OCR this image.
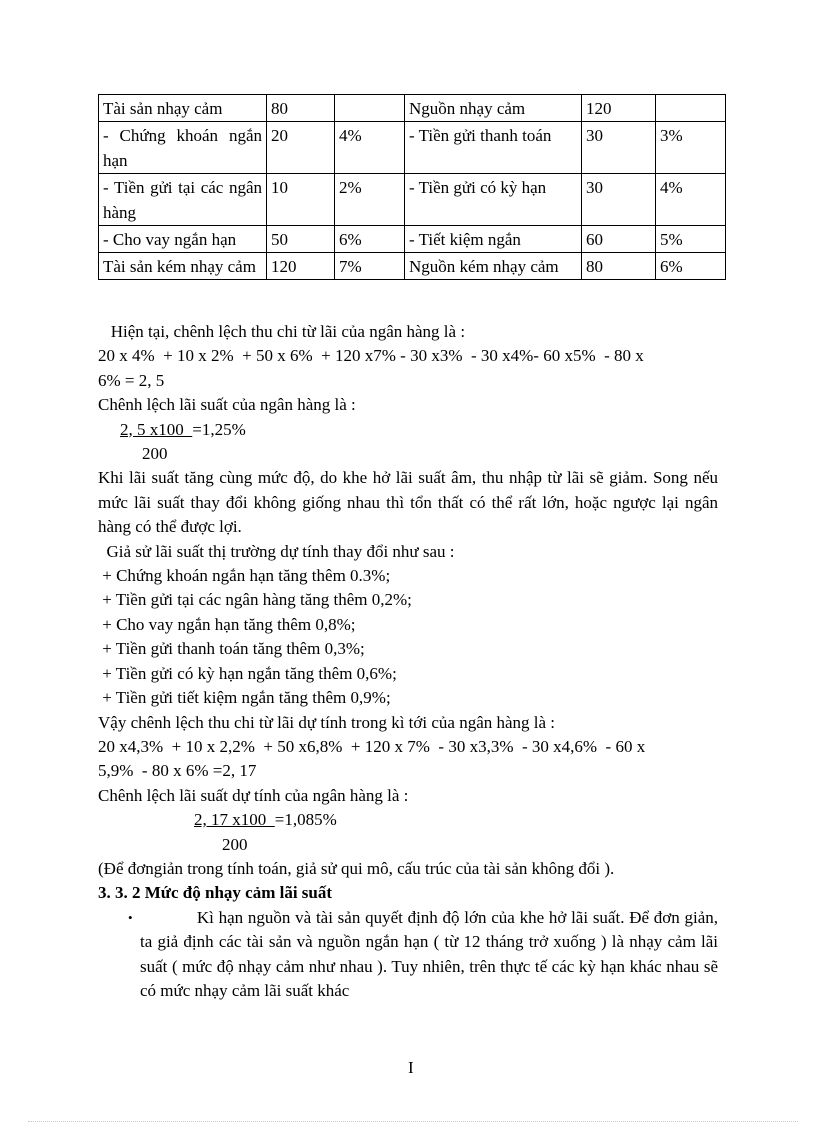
Tài sản nhạy cảm	80		Nguồn nhạy cảm	120	
- Chứng khoán ngắn hạn	20	4%	- Tiền gửi thanh toán	30	3%
- Tiền gửi tại các ngân hàng	10	2%	- Tiền gửi có kỳ hạn	30	4%
- Cho vay ngắn hạn	50	6%	- Tiết kiệm ngắn	60	5%
Tài sản kém nhạy cảm	120	7%	Nguồn kém nhạy cảm	80	6%
Hiện tại, chênh lệch thu chi từ lãi của ngân hàng là :
20 x 4%  + 10 x 2%  + 50 x 6%  + 120 x7% - 30 x3%  - 30 x4%- 60 x5%  - 80 x
6% = 2, 5
Chênh lệch lãi suất của ngân hàng là :
2, 5 x100  =1,25%
200
Khi lãi suất tăng cùng mức độ, do khe hở lãi suất âm, thu nhập từ lãi sẽ giảm. Song nếu mức lãi suất thay đổi không giống nhau thì tổn thất có thể rất lớn, hoặc ngược lại ngân hàng có thể được lợi.
Giả sử lãi suất thị trường dự tính thay đổi như sau :
+ Chứng khoán ngắn hạn tăng thêm 0.3%;
+ Tiền gửi tại các ngân hàng tăng thêm 0,2%;
+ Cho vay ngắn hạn tăng thêm 0,8%;
+ Tiền gửi thanh toán tăng thêm 0,3%;
+ Tiền gửi có kỳ hạn ngắn tăng thêm 0,6%;
+ Tiền gửi tiết kiệm ngắn tăng thêm 0,9%;
Vậy chênh lệch thu chi từ lãi dự tính trong kì tới của ngân hàng là :
20 x4,3%  + 10 x 2,2%  + 50 x6,8%  + 120 x 7%  - 30 x3,3%  - 30 x4,6%  - 60 x
5,9%  - 80 x 6% =2, 17
Chênh lệch lãi suất dự tính của ngân hàng là :
2, 17 x100  =1,085%
200
(Để đơngiản trong tính toán, giả sử qui mô, cấu trúc của tài sản không đổi ).
3. 3. 2 Mức độ nhạy cảm lãi suất
• Kì hạn nguồn và tài sản quyết định độ lớn của khe hở lãi suất. Để đơn giản, ta giả định các tài sản và nguồn ngắn hạn ( từ 12 tháng trở xuống ) là nhạy cảm lãi suất ( mức độ nhạy cảm như nhau ). Tuy nhiên, trên thực tế các kỳ hạn khác nhau sẽ có mức nhạy cảm lãi suất khác
I
